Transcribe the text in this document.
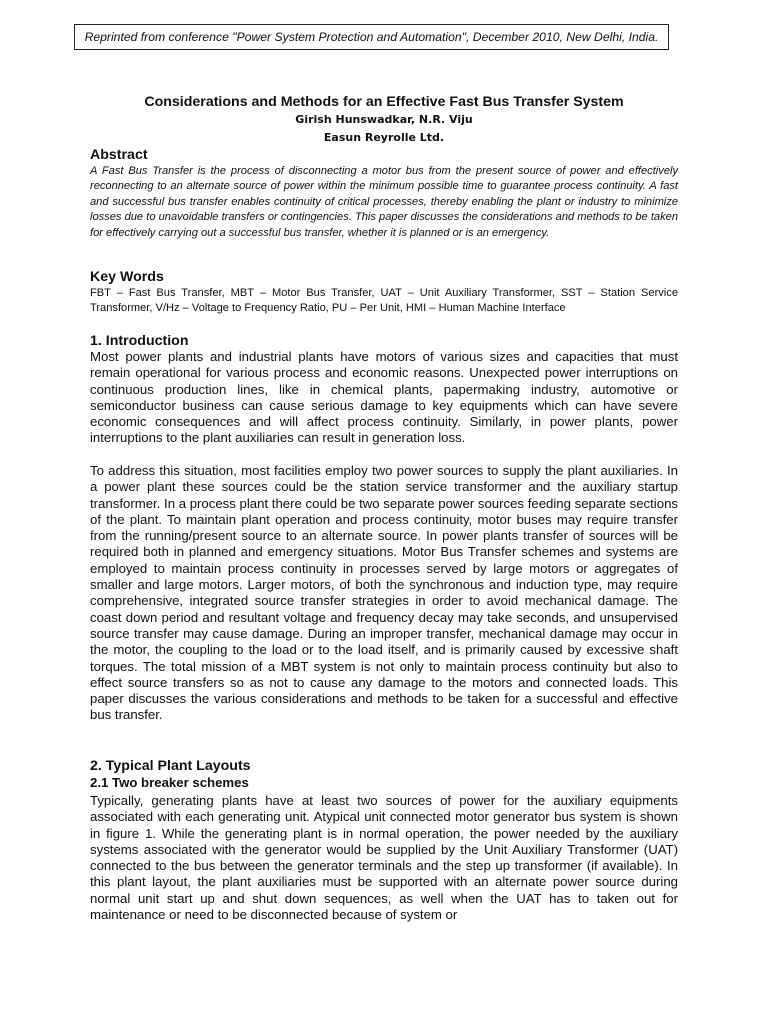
Reprinted from conference "Power System Protection and Automation", December 2010, New Delhi, India.
Considerations and Methods for an Effective Fast Bus Transfer System
Girish Hunswadkar, N.R. Viju
Easun Reyrolle Ltd.
Abstract

A Fast Bus Transfer is the process of disconnecting a motor bus from the present source of power and effectively reconnecting to an alternate source of power within the minimum possible time to guarantee process continuity. A fast and successful bus transfer enables continuity of critical processes, thereby enabling the plant or industry to minimize losses due to unavoidable transfers or contingencies. This paper discusses the considerations and methods to be taken for effectively carrying out a successful bus transfer, whether it is planned or is an emergency.

Key Words

FBT – Fast Bus Transfer, MBT – Motor Bus Transfer, UAT – Unit Auxiliary Transformer, SST – Station Service Transformer, V/Hz – Voltage to Frequency Ratio, PU – Per Unit, HMI – Human Machine Interface

1. Introduction

Most power plants and industrial plants have motors of various sizes and capacities that must remain operational for various process and economic reasons. Unexpected power interruptions on continuous production lines, like in chemical plants, papermaking industry, automotive or semiconductor business can cause serious damage to key equipments which can have severe economic consequences and will affect process continuity. Similarly, in power plants, power interruptions to the plant auxiliaries can result in generation loss.

To address this situation, most facilities employ two power sources to supply the plant auxiliaries. In a power plant these sources could be the station service transformer and the auxiliary startup transformer. In a process plant there could be two separate power sources feeding separate sections of the plant. To maintain plant operation and process continuity, motor buses may require transfer from the running/present source to an alternate source. In power plants transfer of sources will be required both in planned and emergency situations. Motor Bus Transfer schemes and systems are employed to maintain process continuity in processes served by large motors or aggregates of smaller and large motors. Larger motors, of both the synchronous and induction type, may require comprehensive, integrated source transfer strategies in order to avoid mechanical damage. The coast down period and resultant voltage and frequency decay may take seconds, and unsupervised source transfer may cause damage. During an improper transfer, mechanical damage may occur in the motor, the coupling to the load or to the load itself, and is primarily caused by excessive shaft torques. The total mission of a MBT system is not only to maintain process continuity but also to effect source transfers so as not to cause any damage to the motors and connected loads. This paper discusses the various considerations and methods to be taken for a successful and effective bus transfer.

2. Typical Plant Layouts
2.1 Two breaker schemes

Typically, generating plants have at least two sources of power for the auxiliary equipments associated with each generating unit. Atypical unit connected motor generator bus system is shown in figure 1. While the generating plant is in normal operation, the power needed by the auxiliary systems associated with the generator would be supplied by the Unit Auxiliary Transformer (UAT) connected to the bus between the generator terminals and the step up transformer (if available). In this plant layout, the plant auxiliaries must be supported with an alternate power source during normal unit start up and shut down sequences, as well when the UAT has to taken out for maintenance or need to be disconnected because of system or
